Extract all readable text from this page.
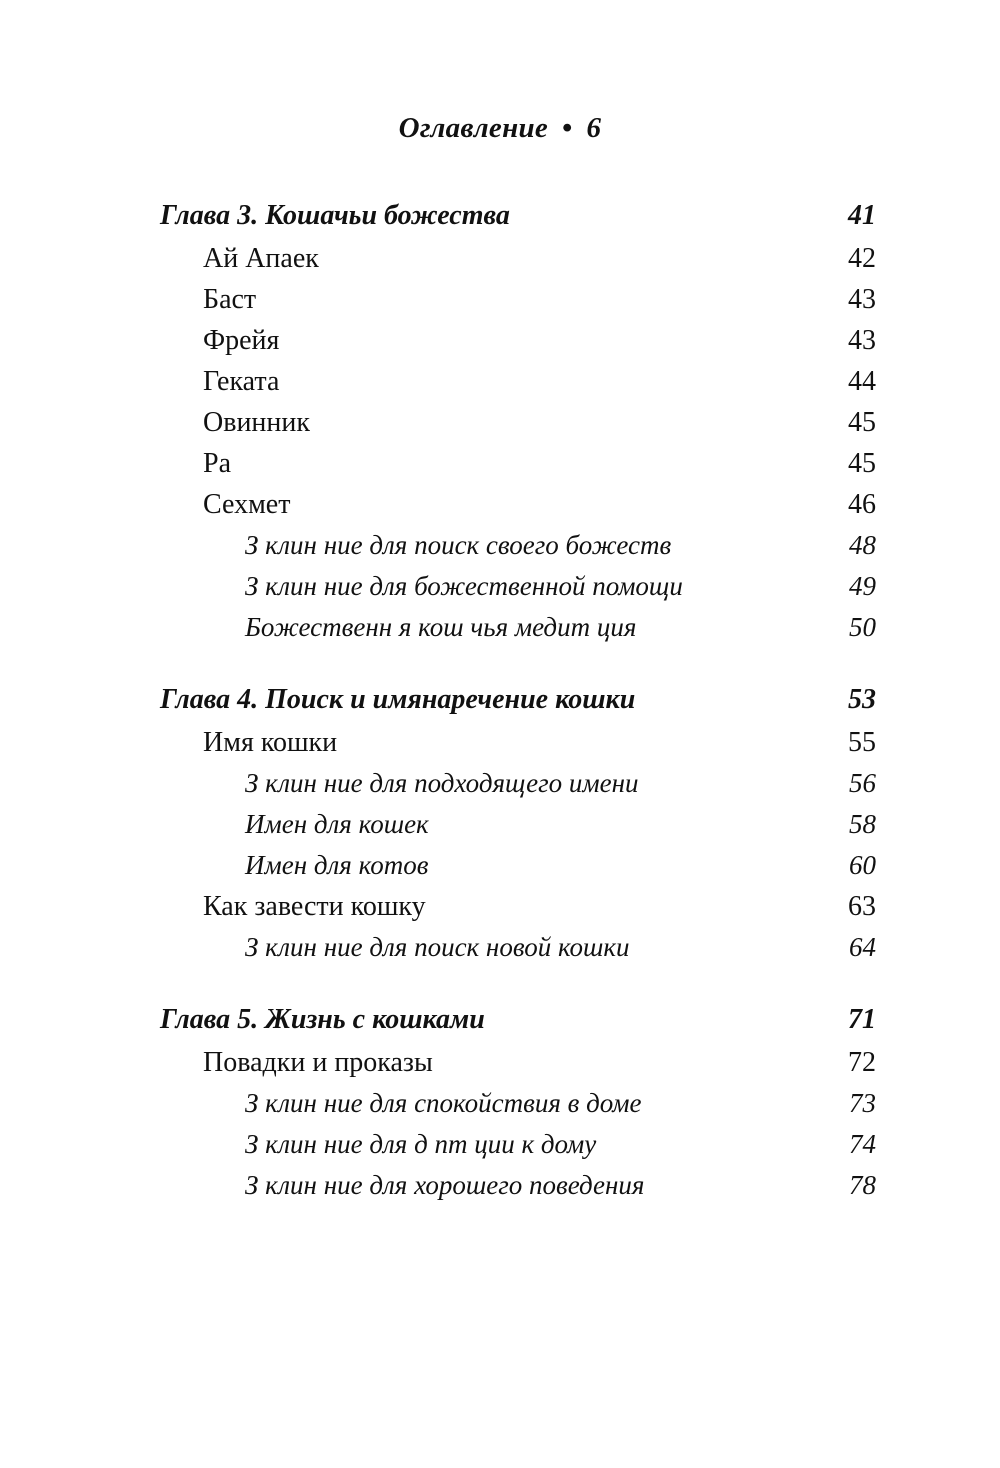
Оглавление • 6
Глава 3. Кошачьи божества	41
Ай Апаек	42
Баст	43
Фрейя	43
Геката	44
Овинник	45
Ра	45
Сехмет	46
З клин ние для поиск своего божеств	48
З клин ние для божественной помощи	49
Божественн я кош чья медит ция	50
Глава 4. Поиск и имянаречение кошки	53
Имя кошки	55
З клин ние для подходящего имени	56
Имен для кошек	58
Имен для котов	60
Как завести кошку	63
З клин ние для поиск новой кошки	64
Глава 5. Жизнь с кошками	71
Повадки и проказы	72
З клин ние для спокойствия в доме	73
З клин ние для д пт ции к дому	74
З клин ние для хорошего поведения	78
